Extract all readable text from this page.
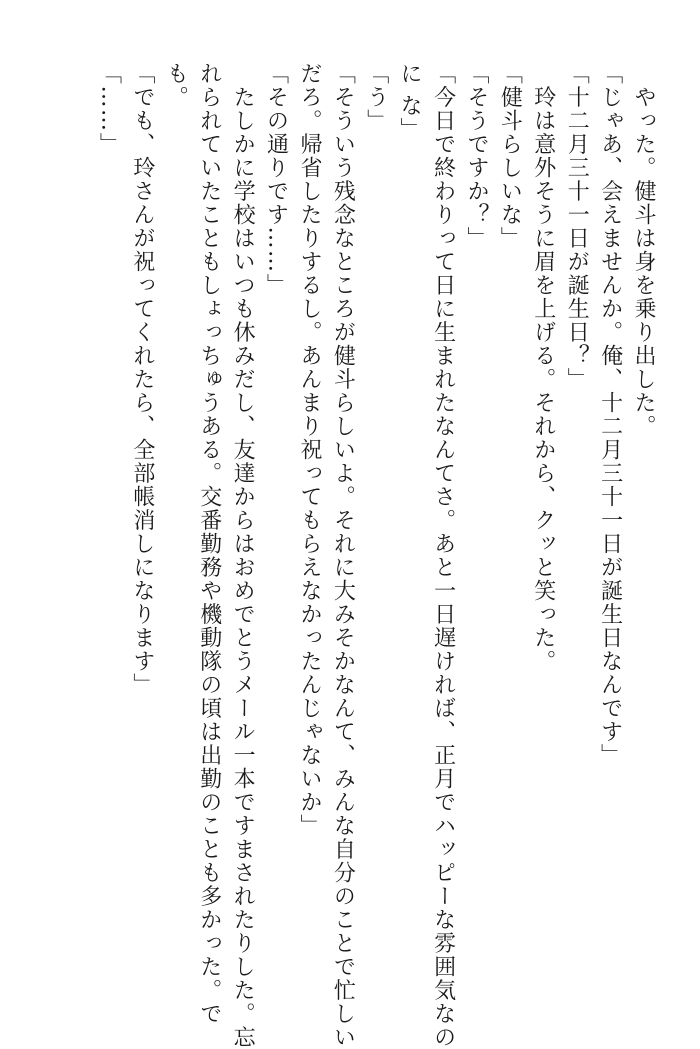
　やった。健斗は身を乗り出した。
「じゃあ、会えませんか。俺、十二月三十一日が誕生日なんです」
「十二月三十一日が誕生日？」
　玲は意外そうに眉を上げる。それから、クッと笑った。
「健斗らしいな」
「そうですか？」
「今日で終わりって日に生まれたなんてさ。あと一日遅ければ、正月でハッピーな雰囲気なの
に な」
「う」
「そういう残念なところが健斗らしいよ。それに大みそかなんて、みんな自分のことで忙しい
だろ。帰省したりするし。あんまり祝ってもらえなかったんじゃないか」
「その通りです……」
　たしかに学校はいつも休みだし、友達からはおめでとうメール一本ですまされたりした。忘
れられていたこともしょっちゅうある。交番勤務や機動隊の頃は出勤のことも多かった。で
も。
「でも、玲さんが祝ってくれたら、全部帳消しになります」
「……」
